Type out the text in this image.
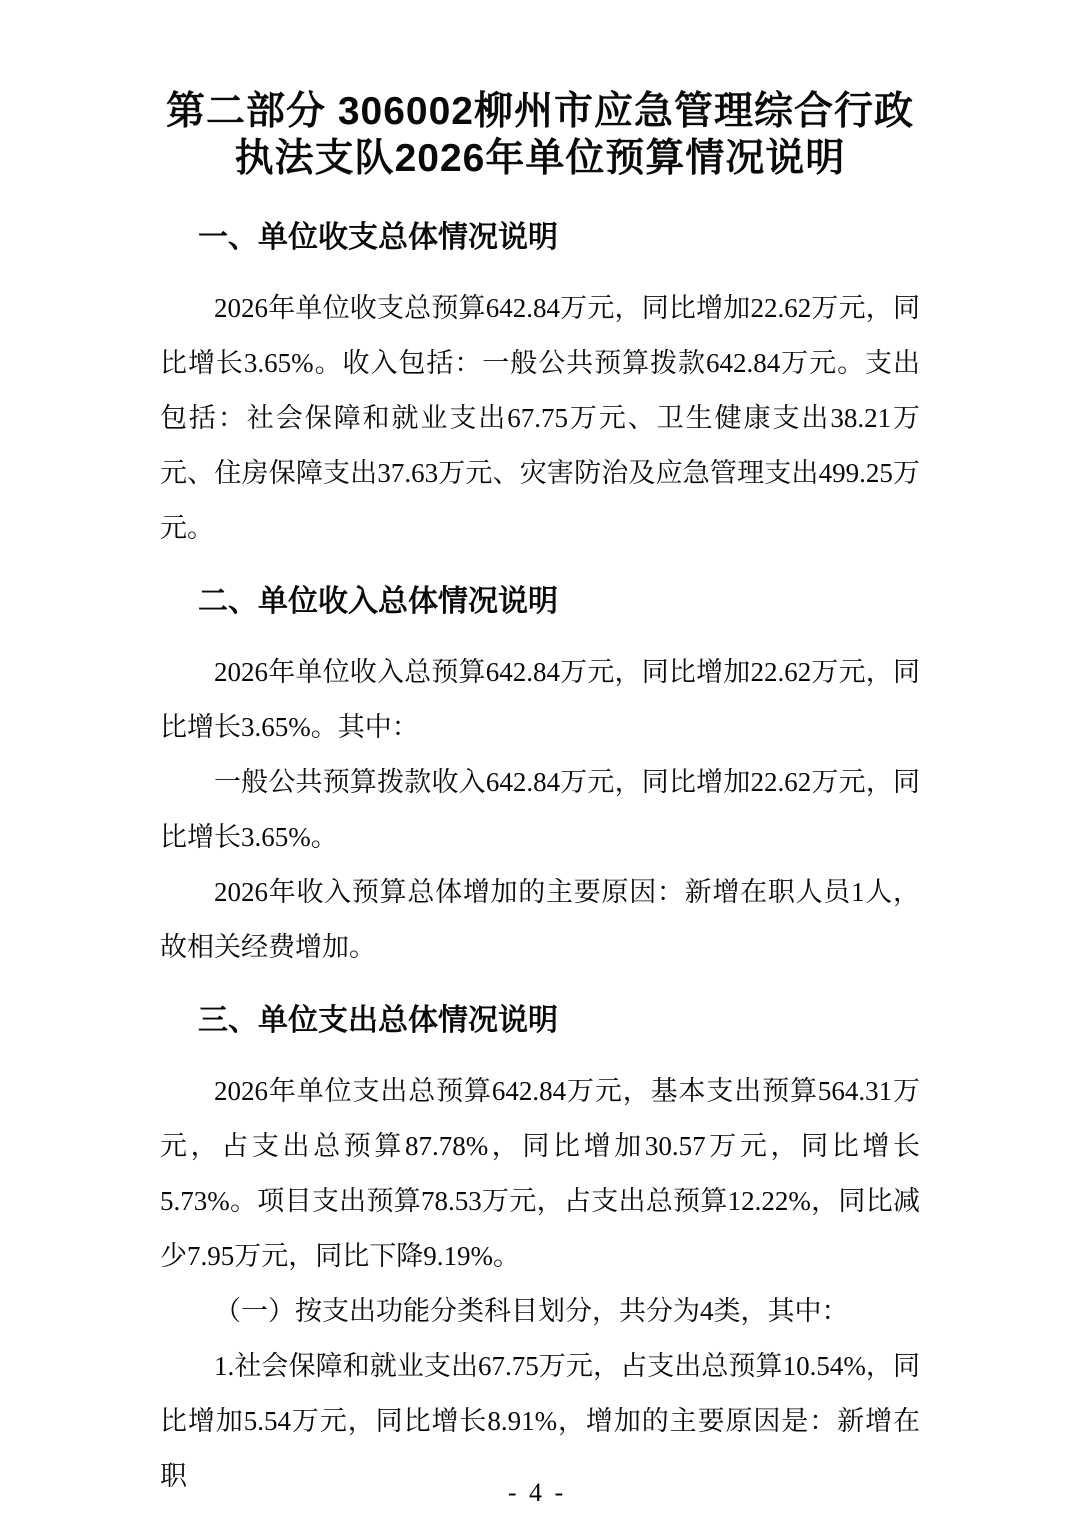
第二部分 306002柳州市应急管理综合行政
执法支队2026年单位预算情况说明
一、单位收支总体情况说明

2026年单位收支总预算642.84万元，同比增加22.62万元，同比增长3.65%。收入包括：一般公共预算拨款642.84万元。支出包括：社会保障和就业支出67.75万元、卫生健康支出38.21万元、住房保障支出37.63万元、灾害防治及应急管理支出499.25万元。

二、单位收入总体情况说明

2026年单位收入总预算642.84万元，同比增加22.62万元，同比增长3.65%。其中：

一般公共预算拨款收入642.84万元，同比增加22.62万元，同比增长3.65%。

2026年收入预算总体增加的主要原因：新增在职人员1人，故相关经费增加。

三、单位支出总体情况说明

2026年单位支出总预算642.84万元，基本支出预算564.31万元，占支出总预算87.78%，同比增加30.57万元，同比增长5.73%。项目支出预算78.53万元，占支出总预算12.22%，同比减少7.95万元，同比下降9.19%。

（一）按支出功能分类科目划分，共分为4类，其中：

1.社会保障和就业支出67.75万元，占支出总预算10.54%，同比增加5.54万元，同比增长8.91%，增加的主要原因是：新增在职

- 4 -
